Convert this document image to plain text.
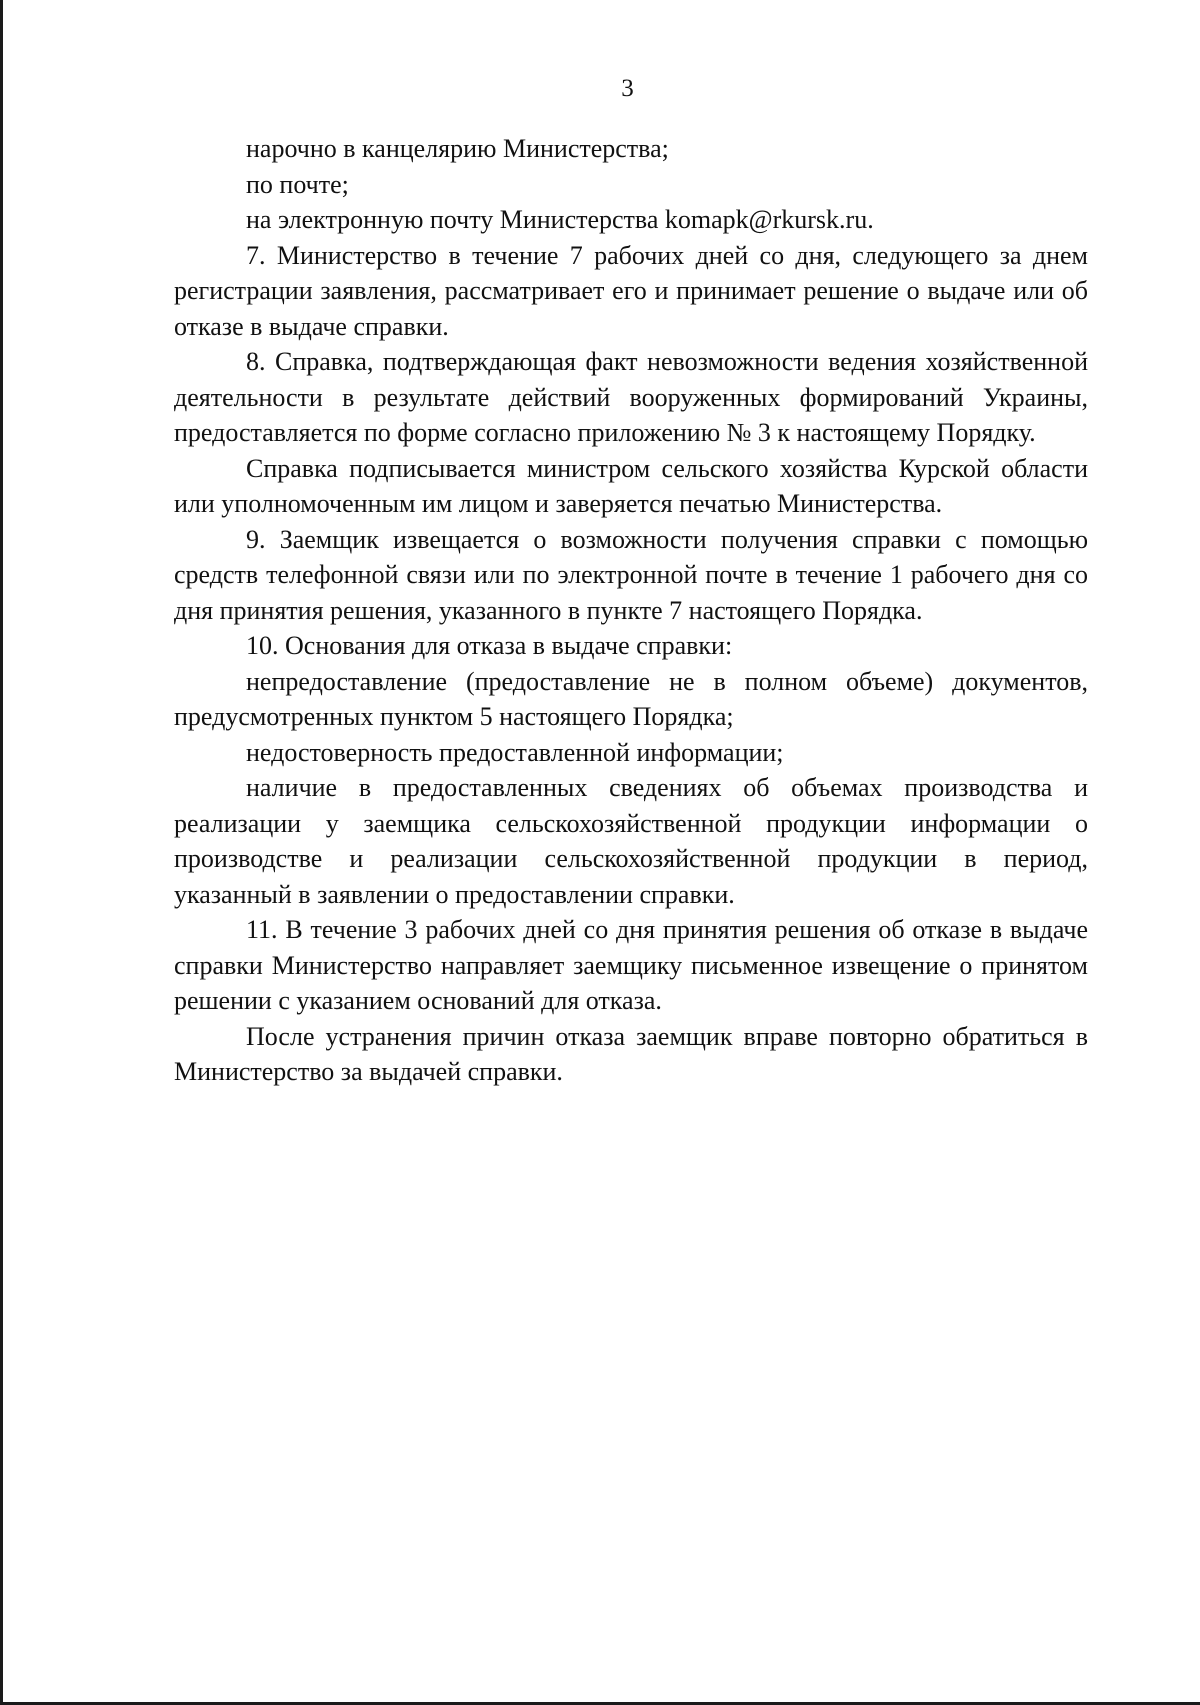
3

нарочно в канцелярию Министерства;

по почте;

на электронную почту Министерства komapk@rkursk.ru.

7. Министерство в течение 7 рабочих дней со дня, следующего за днем регистрации заявления, рассматривает его и принимает решение о выдаче или об отказе в выдаче справки.

8. Справка, подтверждающая факт невозможности ведения хозяйственной деятельности в результате действий вооруженных формирований Украины, предоставляется по форме согласно приложению № 3 к настоящему Порядку.

Справка подписывается министром сельского хозяйства Курской области или уполномоченным им лицом и заверяется печатью Министерства.

9. Заемщик извещается о возможности получения справки с помощью средств телефонной связи или по электронной почте в течение 1 рабочего дня со дня принятия решения, указанного в пункте 7 настоящего Порядка.

10. Основания для отказа в выдаче справки:

непредоставление (предоставление не в полном объеме) документов, предусмотренных пунктом 5 настоящего Порядка;

недостоверность предоставленной информации;

наличие в предоставленных сведениях об объемах производства и реализации у заемщика сельскохозяйственной продукции информации о производстве и реализации сельскохозяйственной продукции в период, указанный в заявлении о предоставлении справки.

11. В течение 3 рабочих дней со дня принятия решения об отказе в выдаче справки Министерство направляет заемщику письменное извещение о принятом решении с указанием оснований для отказа.

После устранения причин отказа заемщик вправе повторно обратиться в Министерство за выдачей справки.
